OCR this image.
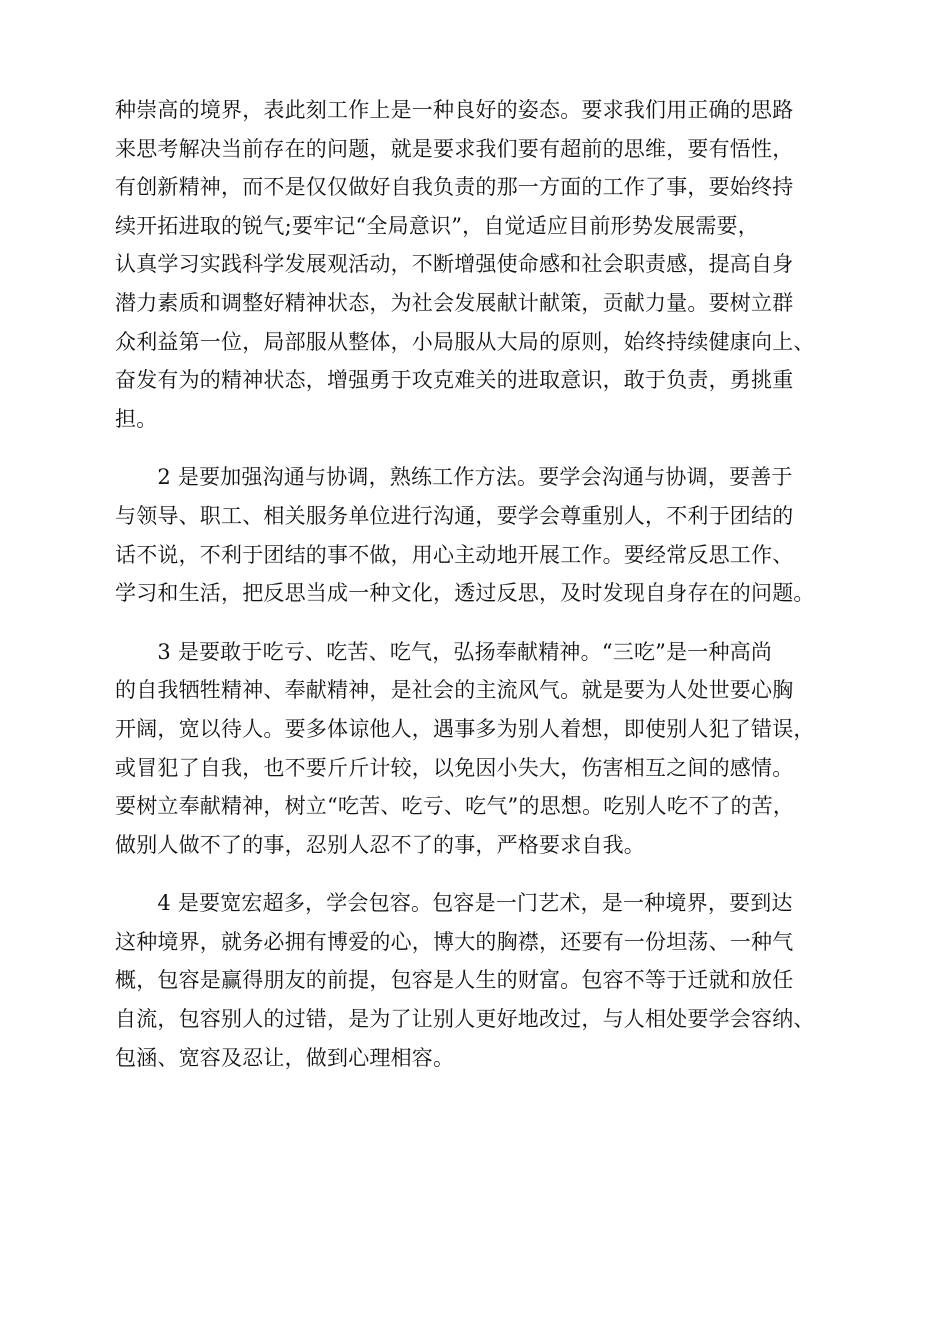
种崇高的境界，表此刻工作上是一种良好的姿态。要求我们用正确的思路
来思考解决当前存在的问题，就是要求我们要有超前的思维，要有悟性，
有创新精神，而不是仅仅做好自我负责的那一方面的工作了事，要始终持
续开拓进取的锐气;要牢记“全局意识”，自觉适应目前形势发展需要，
认真学习实践科学发展观活动，不断增强使命感和社会职责感，提高自身
潜力素质和调整好精神状态，为社会发展献计献策，贡献力量。要树立群
众利益第一位，局部服从整体，小局服从大局的原则，始终持续健康向上、
奋发有为的精神状态，增强勇于攻克难关的进取意识，敢于负责，勇挑重
担。
　　2 是要加强沟通与协调，熟练工作方法。要学会沟通与协调，要善于
与领导、职工、相关服务单位进行沟通，要学会尊重别人，不利于团结的
话不说，不利于团结的事不做，用心主动地开展工作。要经常反思工作、
学习和生活，把反思当成一种文化，透过反思，及时发现自身存在的问题。
　　3 是要敢于吃亏、吃苦、吃气，弘扬奉献精神。“三吃”是一种高尚
的自我牺牲精神、奉献精神，是社会的主流风气。就是要为人处世要心胸
开阔，宽以待人。要多体谅他人，遇事多为别人着想，即使别人犯了错误，
或冒犯了自我，也不要斤斤计较，以免因小失大，伤害相互之间的感情。
要树立奉献精神，树立“吃苦、吃亏、吃气”的思想。吃别人吃不了的苦，
做别人做不了的事，忍别人忍不了的事，严格要求自我。
　　4 是要宽宏超多，学会包容。包容是一门艺术，是一种境界，要到达
这种境界，就务必拥有博爱的心，博大的胸襟，还要有一份坦荡、一种气
概，包容是赢得朋友的前提，包容是人生的财富。包容不等于迁就和放任
自流，包容别人的过错，是为了让别人更好地改过，与人相处要学会容纳、
包涵、宽容及忍让，做到心理相容。
